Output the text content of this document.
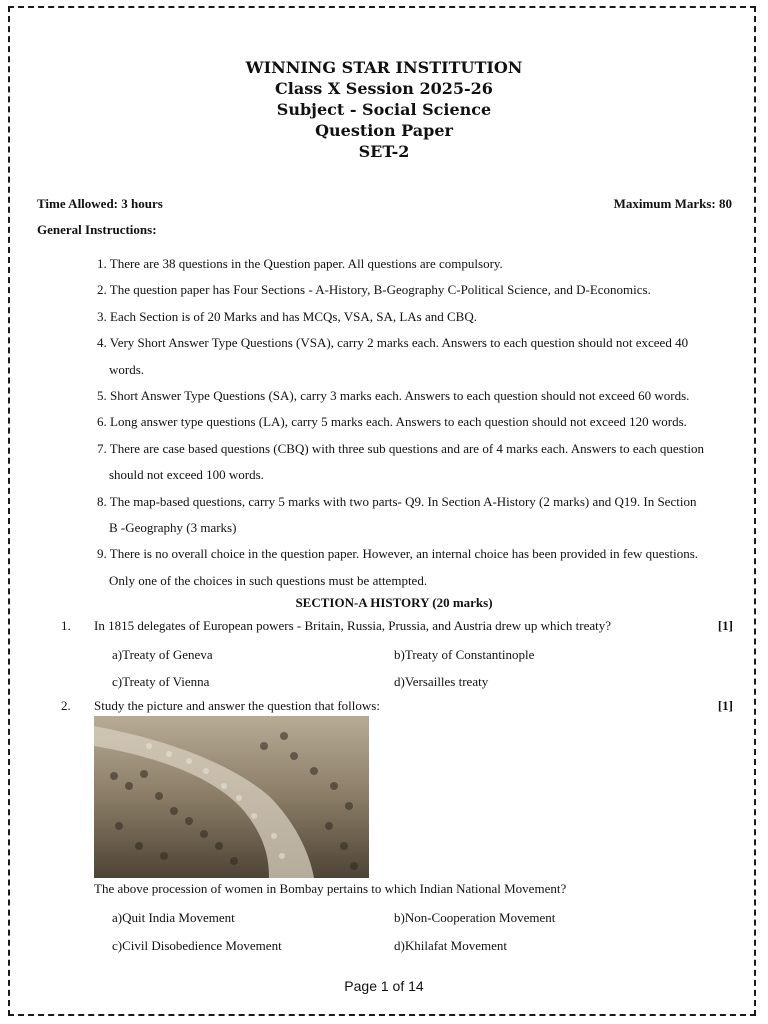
WINNING STAR INSTITUTION
Class X Session 2025-26
Subject - Social Science
Question Paper
SET-2
Time Allowed: 3 hours	Maximum Marks: 80
General Instructions:
1. There are 38 questions in the Question paper. All questions are compulsory.
2. The question paper has Four Sections - A-History, B-Geography C-Political Science, and D-Economics.
3. Each Section is of 20 Marks and has MCQs, VSA, SA, LAs and CBQ.
4. Very Short Answer Type Questions (VSA), carry 2 marks each. Answers to each question should not exceed 40
words.
5. Short Answer Type Questions (SA), carry 3 marks each. Answers to each question should not exceed 60 words.
6. Long answer type questions (LA), carry 5 marks each. Answers to each question should not exceed 120 words.
7. There are case based questions (CBQ) with three sub questions and are of 4 marks each. Answers to each question
should not exceed 100 words.
8. The map-based questions, carry 5 marks with two parts- Q9. In Section A-History (2 marks) and Q19. In Section
B -Geography (3 marks)
9. There is no overall choice in the question paper. However, an internal choice has been provided in few questions.
Only one of the choices in such questions must be attempted.
SECTION-A HISTORY (20 marks)
1. In 1815 delegates of European powers - Britain, Russia, Prussia, and Austria drew up which treaty?	[1]
a)Treaty of Geneva	b)Treaty of Constantinople
c)Treaty of Vienna	d)Versailles treaty
2. Study the picture and answer the question that follows:	[1]
The above procession of women in Bombay pertains to which Indian National Movement?
a)Quit India Movement	b)Non-Cooperation Movement
c)Civil Disobedience Movement	d)Khilafat Movement
Page 1 of 14
